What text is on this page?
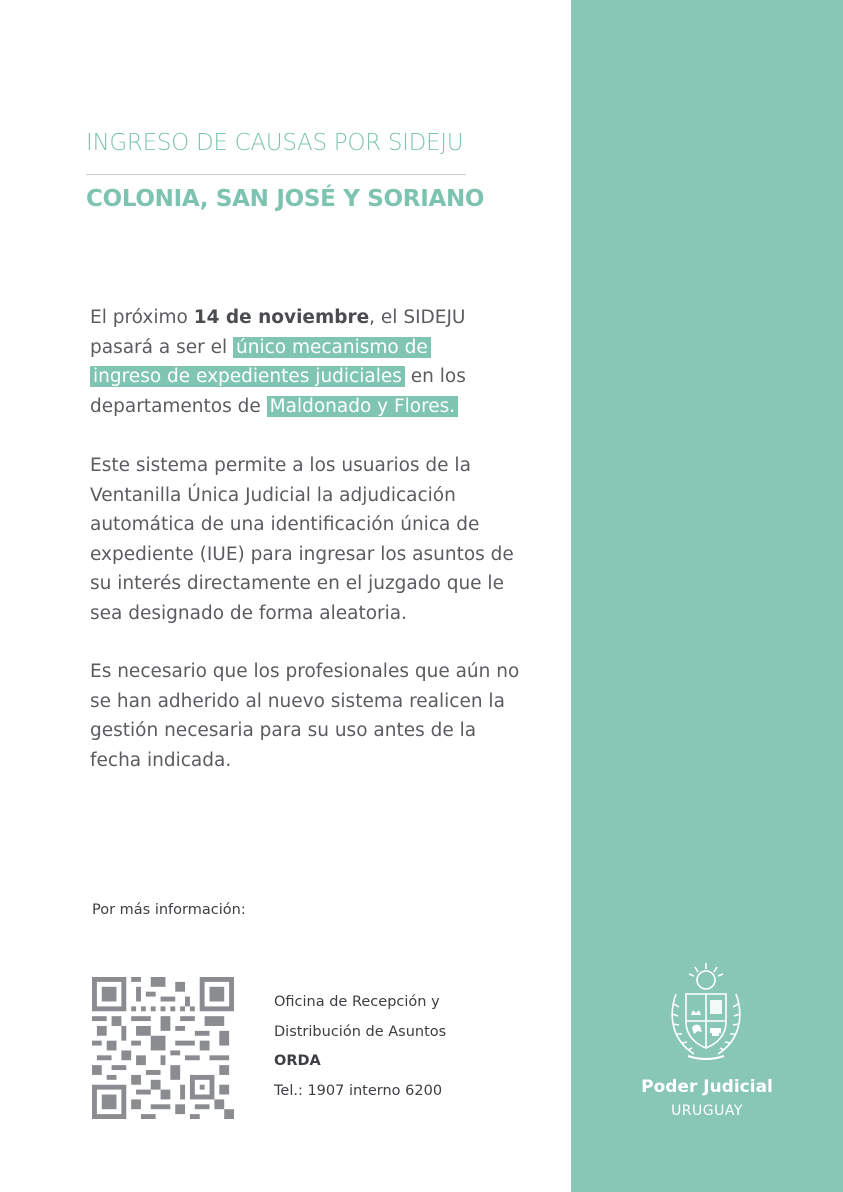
INGRESO DE CAUSAS POR SIDEJU
COLONIA, SAN JOSÉ Y SORIANO
El próximo 14 de noviembre, el SIDEJU pasará a ser el único mecanismo de
ingreso de expedientes judiciales en los departamentos de Maldonado y Flores.
Este sistema permite a los usuarios de la Ventanilla Única Judicial la adjudicación automática de una identificación única de expediente (IUE) para ingresar los asuntos de su interés directamente en el juzgado que le sea designado de forma aleatoria.
Es necesario que los profesionales que aún no se han adherido al nuevo sistema realicen la gestión necesaria para su uso antes de la fecha indicada.
Por más información:
Oficina de Recepción y
Distribución de Asuntos
ORDA
Tel.: 1907 interno 6200	Poder Judicial
URUGUAY
